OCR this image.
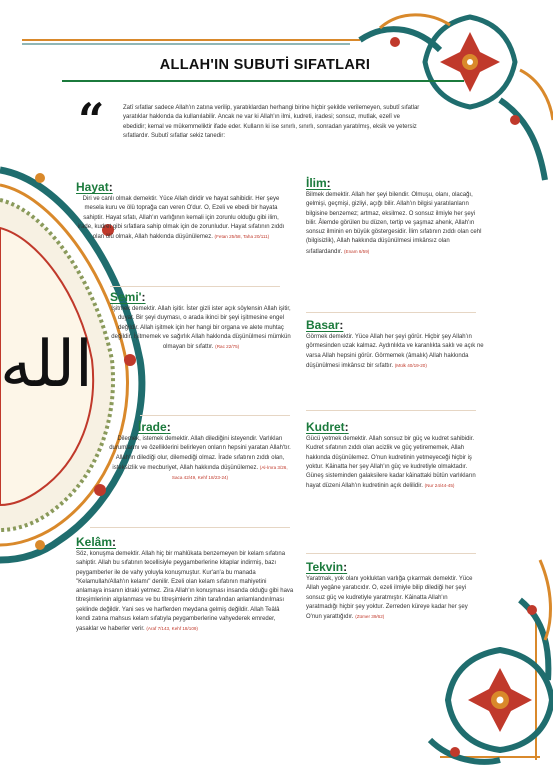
الله
ALLAH'IN SUBUTİ SIFATLARI
“	Zatî sıfatlar sadece Allah'ın zatına verilip, yaratıklardan herhangi birine hiçbir şekilde verilemeyen, subutî sıfatlar yaratıklar hakkında da kullanılabilir. Ancak ne var ki Allah'ın ilmi, kudreti, iradesi; sonsuz, mutlak, ezelî ve ebedidir; kemal ve mükemmeliktir ifade eder. Kulların ki ise sınırlı, sınırlı, sonradan yaratılmış, eksik ve yetersiz sıfatlardır. Subutî sıfatlar sekiz tanedir:
Hayat:

Diri ve canlı olmak demektir. Yüce Allah diridir ve hayat sahibidir. Her şeye mesela kuru ve ölü toprağa can veren O'dur. O, Ezeli ve ebedi bir hayata sahiptir. Hayat sıfatı, Allah'ın varlığının kemali için zorunlu olduğu gibi ilim, irade, kudret gibi sıfatlara sahip olmak için de zorunludur. Hayat sıfatının zıddı olan ölü olmak, Allah hakkında düşünülemez. (Fetan 25/58, Taha 20/111)

Semi':

İşitmek demektir. Allah işitir. İster gizli ister açık söylensin Allah işitir, duyar. Bir şeyi duyması, o arada ikinci bir şeyi işitmesine engel değildir. Allah işitmek için her hangi bir organa ve alete muhtaç değildir. İşitmemek ve sağırlık Allah hakkında düşünülmesi mümkün olmayan bir sıfattır. (Rac 22/75)

İrade:

Dilemek, istemek demektir. Allah dilediğini isteyendir. Varlıkları durumlarını ve özelliklerini belirleyen onların hepsini yaratan Allah'tır. Allah'ın dilediği olur, dilemediği olmaz. İrade sıfatının zıddı olan, isteksizlik ve mecburiyet, Allah hakkında düşünülemez. (Al-İmra 3/26, Saca 42/49, Kehf 18/23-24)

Kelâm:

Söz, konuşma demektir. Allah hiç bir mahlûkata benzemeyen bir kelam sıfatına sahiptir. Allah bu sıfatının tecellisiyle peygamberlerine kitaplar indirmiş, bazı peygamberler ile de vahy yoluyla konuşmuştur. Kur'an'a bu manada "Kelamullah/Allah'ın kelamı" denilir. Ezeli olan kelam sıfatının mahiyetini anlamaya insanın idraki yetmez. Zira Allah'ın konuşması insanda olduğu gibi hava titreşimlerinin algılanması ve bu titreşimlerin zihin tarafından anlamlandırılması şeklinde değildir. Yani ses ve harflerden meydana gelmiş değildir. Allah Teâlâ kendi zatına mahsus kelam sıfatıyla peygamberlerine vahyederek emreder, yasaklar ve haberler verir. (Araf 7/143, Kehf 18/109)

İlim:

Bilmek demektir. Allah her şeyi bilendir. Olmuşu, olanı, olacağı, gelmişi, geçmişi, gizliyi, açığı bilir. Allah'ın bilgisi yaratılanların bilgisine benzemez; artmaz, eksilmez. O sonsuz ilmiyle her şeyi bilir. Âlemde görülen bu düzen, tertip ve şaşmaz ahenk, Allah'ın sonsuz ilminin en büyük göstergesidir. İlim sıfatının zıddı olan cehl (bilgisizlik), Allah hakkında düşünülmesi imkânsız olan sıfatlardandır. (Enam 6/59)

Basar:

Görmek demektir. Yüce Allah her şeyi görür. Hiçbir şey Allah'ın görmesinden uzak kalmaz. Aydınlıkta ve karanlıkta saklı ve açık ne varsa Allah hepsini görür. Görmemek (âmalık) Allah hakkında düşünülmesi imkânsız bir sıfattır. (Mülk 40/19-20)

Kudret:

Gücü yetmek demektir. Allah sonsuz bir güç ve kudret sahibidir. Kudret sıfatının zıddı olan acizlik ve güç yetirememek, Allah hakkında düşünülemez. O'nun kudretinin yetmeyeceği hiçbir iş yoktur. Kâinatta her şey Allah'ın güç ve kudretiyle olmaktadır. Güneş sisteminden galaksilere kadar kâinattaki bütün varlıkların hayat düzeni Allah'ın kudretinin açık delilidir. (Nur 24/44-45)

Tekvin:

Yaratmak, yok olanı yokluktan varlığa çıkarmak demektir. Yüce Allah yegâne yaratıcıdır. O, ezeli ilmiyle bilip dilediği her şeyi sonsuz güç ve kudretiyle yaratmıştır. Kâinatta Allah'ın yaratmadığı hiçbir şey yoktur. Zerreden küreye kadar her şey O'nun yarattığıdır. (Zümer 39/62)
